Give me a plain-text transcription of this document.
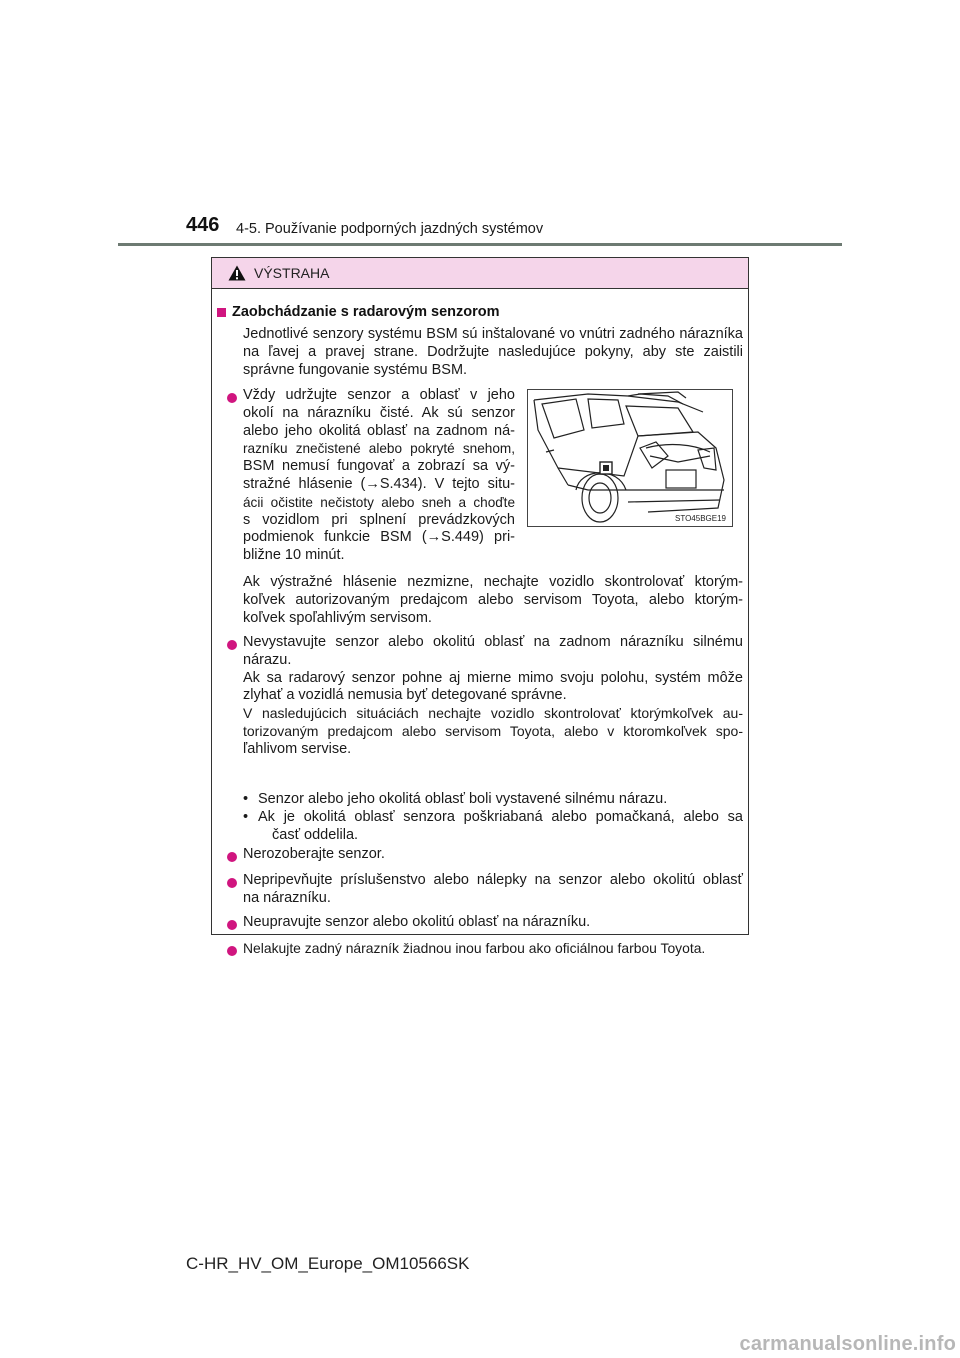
446 4-5. Používanie podporných jazdných systémov
VÝSTRAHA
Zaobchádzanie s radarovým senzorom
Jednotlivé senzory systému BSM sú inštalované vo vnútri zadného nárazníka
na ľavej a pravej strane. Dodržujte nasledujúce pokyny, aby ste zaistili
správne fungovanie systému BSM.
Vždy udržujte senzor a oblasť v jeho
okolí na nárazníku čisté. Ak sú senzor
alebo jeho okolitá oblasť na zadnom ná-
razníku znečistené alebo pokryté snehom,
BSM nemusí fungovať a zobrazí sa vý-
stražné hlásenie (→S.434). V tejto situ-
ácii očistite nečistoty alebo sneh a choďte
s vozidlom pri splnení prevádzkových
podmienok funkcie BSM (→S.449) pri-
bližne 10 minút.
STO45BGE19
Ak výstražné hlásenie nezmizne, nechajte vozidlo skontrolovať ktorým-
koľvek autorizovaným predajcom alebo servisom Toyota, alebo ktorým-
koľvek spoľahlivým servisom.
Nevystavujte senzor alebo okolitú oblasť na zadnom nárazníku silnému
nárazu.
Ak sa radarový senzor pohne aj mierne mimo svoju polohu, systém môže
zlyhať a vozidlá nemusia byť detegované správne.
V nasledujúcich situáciách nechajte vozidlo skontrolovať ktorýmkoľvek au-
torizovaným predajcom alebo servisom Toyota, alebo v ktoromkoľvek spo-
ľahlivom servise.
• Senzor alebo jeho okolitá oblasť boli vystavené silnému nárazu.
• Ak je okolitá oblasť senzora poškriabaná alebo pomačkaná, alebo sa
časť oddelila.
Nerozoberajte senzor.
Nepripevňujte príslušenstvo alebo nálepky na senzor alebo okolitú oblasť
na nárazníku.
Neupravujte senzor alebo okolitú oblasť na nárazníku.
Nelakujte zadný nárazník žiadnou inou farbou ako oficiálnou farbou Toyota.
C-HR_HV_OM_Europe_OM10566SK
carmanualsonline.info
